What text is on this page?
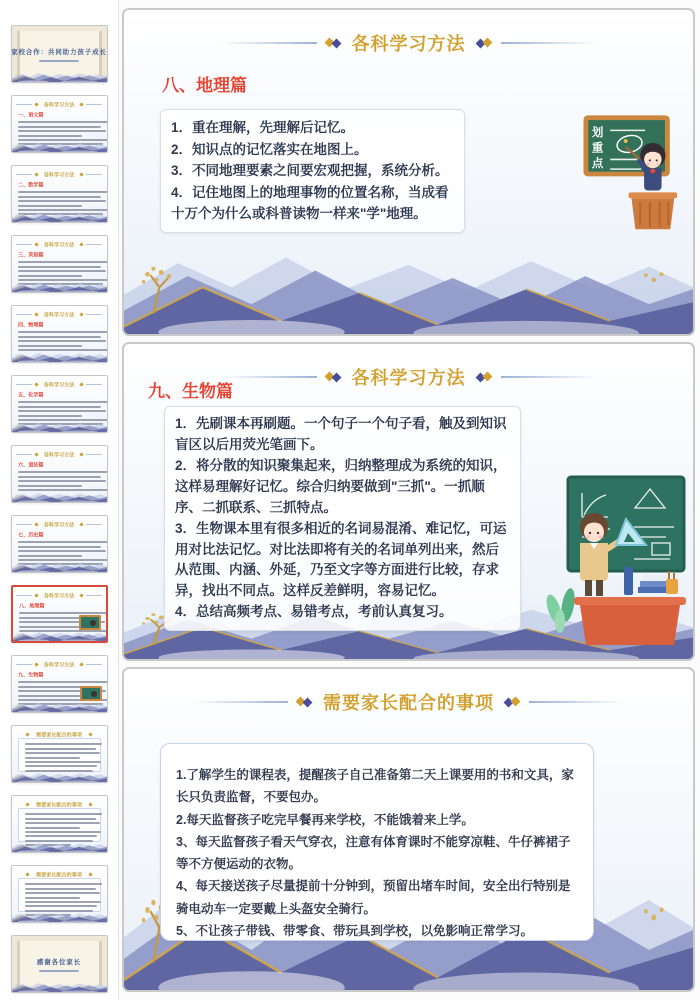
家校合作：共同助力孩子成长
各科学习方法
一、语文篇
各科学习方法
二、数学篇
各科学习方法
三、英语篇
各科学习方法
四、物理篇
各科学习方法
五、化学篇
各科学习方法
六、道法篇
各科学习方法
七、历史篇
各科学习方法
八、地理篇
各科学习方法
九、生物篇
需要家长配合的事项
需要家长配合的事项
需要家长配合的事项
感谢各位家长
各科学习方法
八、地理篇

1．重在理解，先理解后记忆。

2．知识点的记忆落实在地图上。

3．不同地理要素之间要宏观把握，系统分析。

4．记住地图上的地理事物的位置名称，当成看十万个为什么或科普读物一样来"学"地理。

各科学习方法
九、生物篇

1．先刷课本再刷题。一个句子一个句子看，触及到知识盲区以后用荧光笔画下。

2．将分散的知识聚集起来，归纳整理成为系统的知识，这样易理解好记忆。综合归纳要做到"三抓"。一抓顺序、二抓联系、三抓特点。

3．生物课本里有很多相近的名词易混淆、难记忆，可运用对比法记忆。对比法即将有关的名词单列出来，然后从范围、内涵、外延，乃至文字等方面进行比较，存求异，找出不同点。这样反差鲜明，容易记忆。

4．总结高频考点、易错考点，考前认真复习。

需要家长配合的事项

1.了解学生的课程表，提醒孩子自己准备第二天上课要用的书和文具，家长只负责监督，不要包办。

2.每天监督孩子吃完早餐再来学校，不能饿着来上学。

3、每天监督孩子看天气穿衣，注意有体育课时不能穿凉鞋、牛仔裤裙子等不方便运动的衣物。

4、每天接送孩子尽量提前十分钟到，预留出堵车时间，安全出行特别是骑电动车一定要戴上头盔安全骑行。

5、不让孩子带钱、带零食、带玩具到学校，以免影响正常学习。
